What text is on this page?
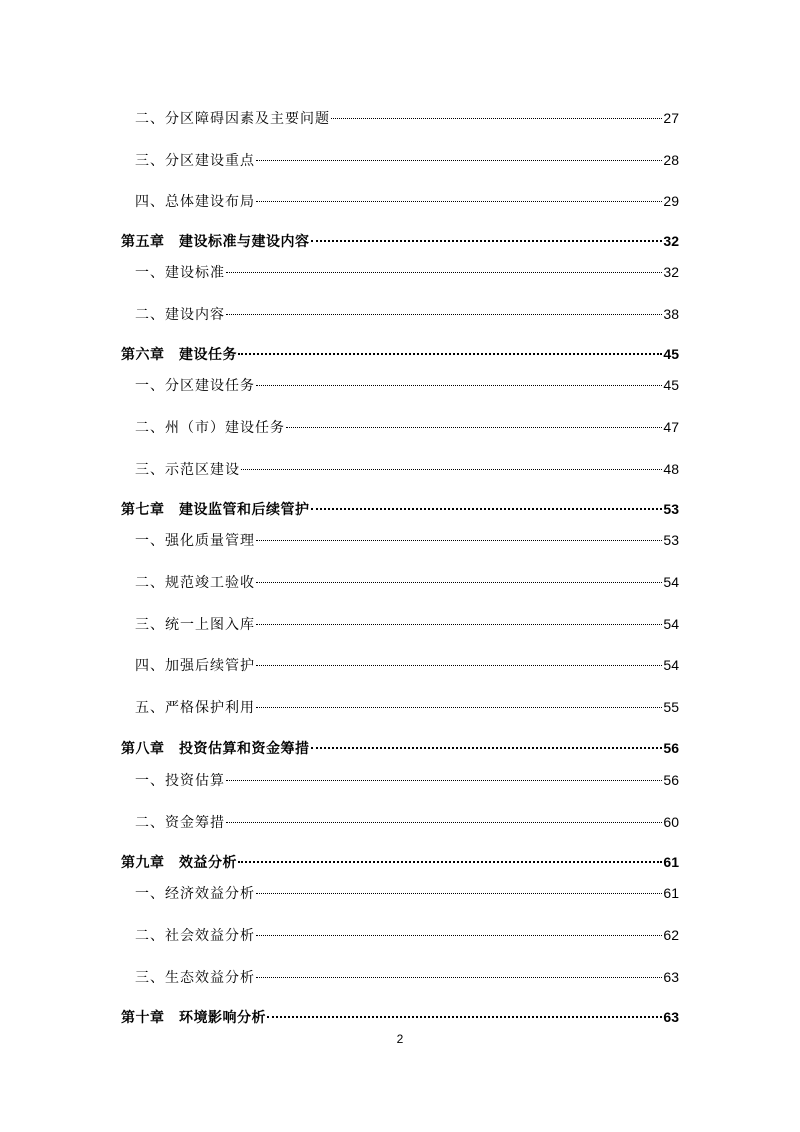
二、分区障碍因素及主要问题	27
三、分区建设重点	28
四、总体建设布局	29
第五章　建设标准与建设内容	32
一、建设标准	32
二、建设内容	38
第六章　建设任务	45
一、分区建设任务	45
二、州（市）建设任务	47
三、示范区建设	48
第七章　建设监管和后续管护	53
一、强化质量管理	53
二、规范竣工验收	54
三、统一上图入库	54
四、加强后续管护	54
五、严格保护利用	55
第八章　投资估算和资金筹措	56
一、投资估算	56
二、资金筹措	60
第九章　效益分析	61
一、经济效益分析	61
二、社会效益分析	62
三、生态效益分析	63
第十章　环境影响分析	63
2
